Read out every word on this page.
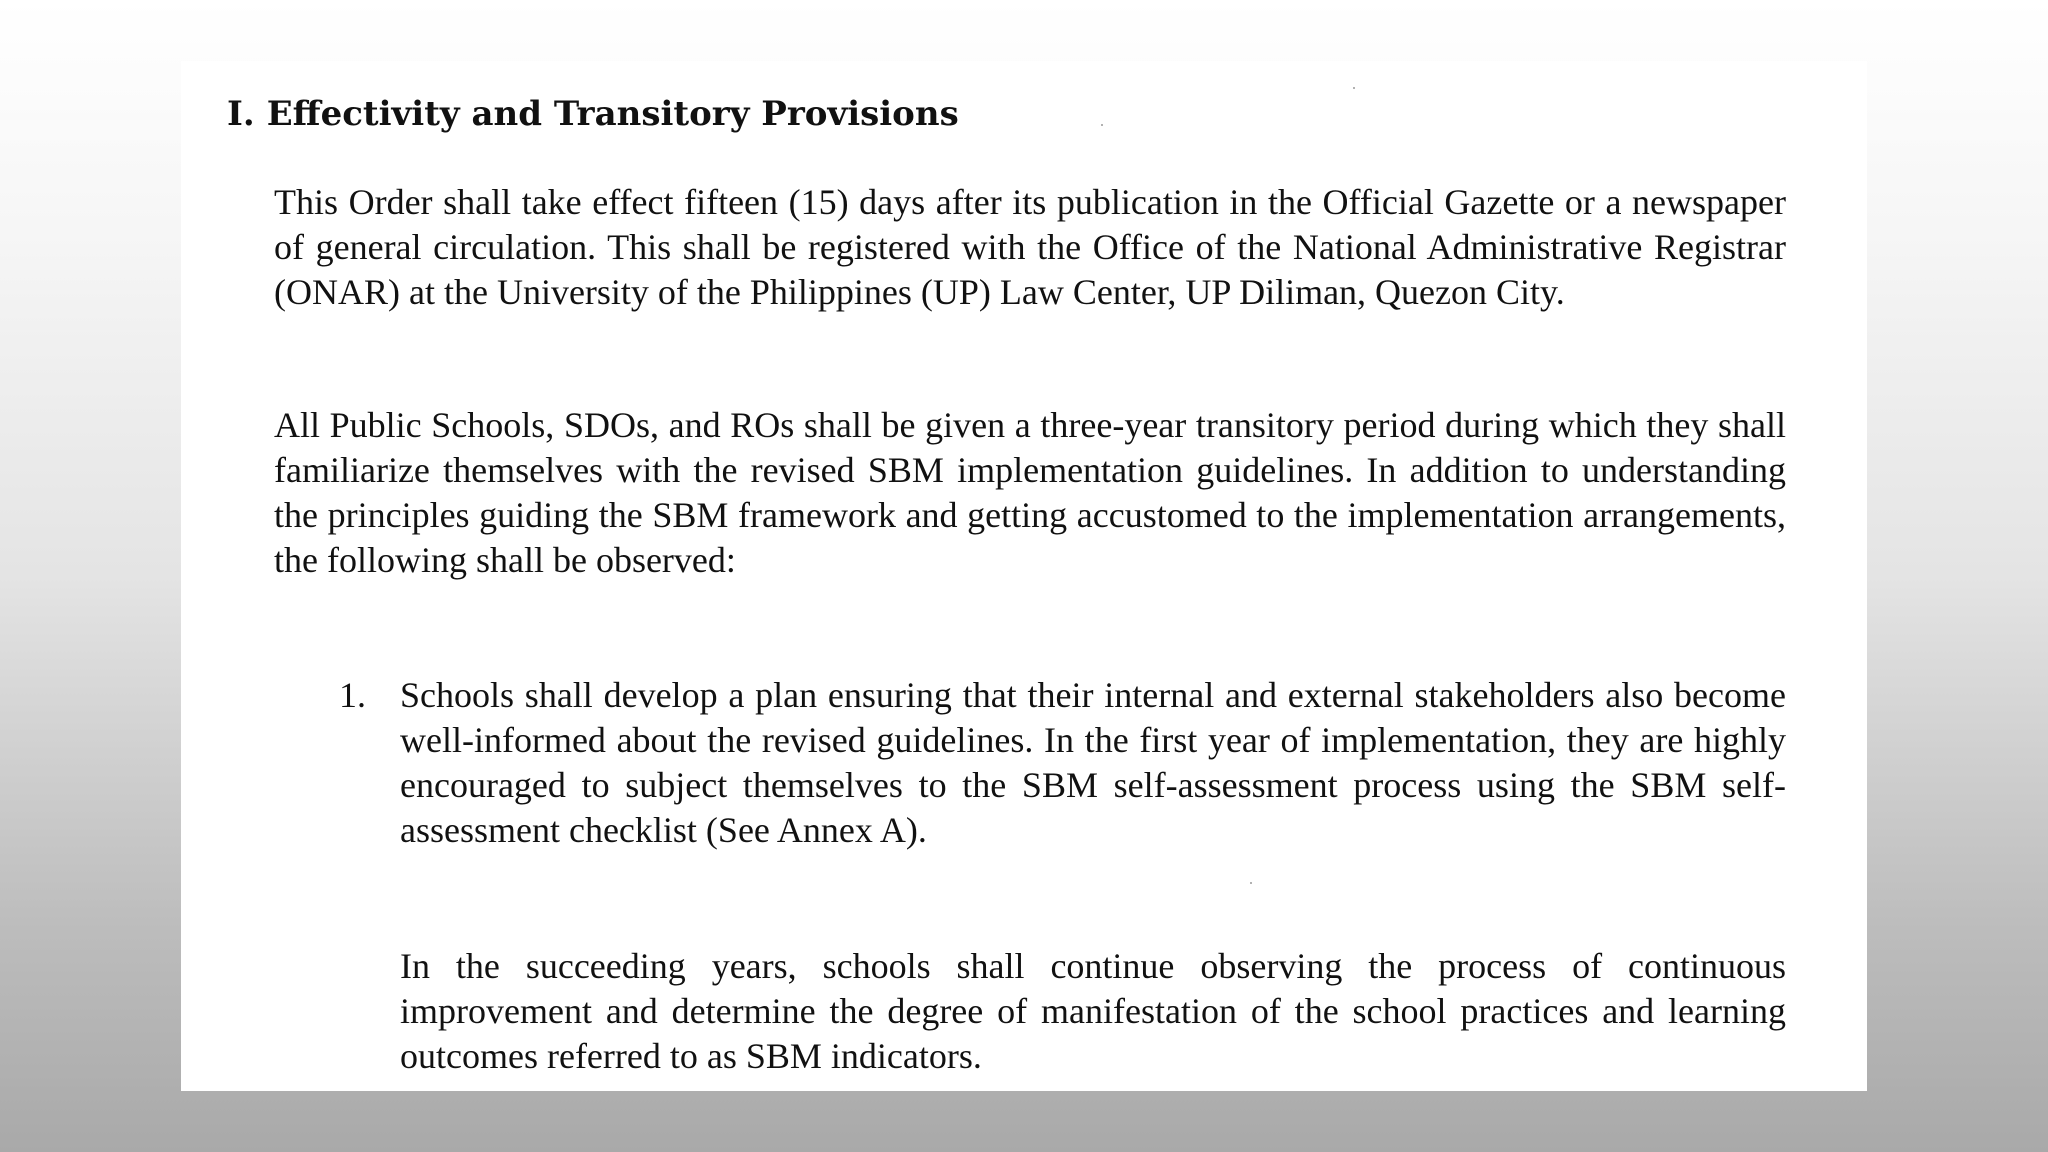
I. Effectivity and Transitory Provisions

This Order shall take effect fifteen (15) days after its publication in the Official Gazette or a newspaper of general circulation. This shall be registered with the Office of the National Administrative Registrar (ONAR) at the University of the Philippines (UP) Law Center, UP Diliman, Quezon City.

All Public Schools, SDOs, and ROs shall be given a three-year transitory period during which they shall familiarize themselves with the revised SBM implementation guidelines. In addition to understanding the principles guiding the SBM framework and getting accustomed to the implementation arrangements, the following shall be observed:

1. Schools shall develop a plan ensuring that their internal and external stakeholders also become well-informed about the revised guidelines. In the first year of implementation, they are highly encouraged to subject themselves to the SBM self-assessment process using the SBM self-assessment checklist (See Annex A).

In the succeeding years, schools shall continue observing the process of continuous improvement and determine the degree of manifestation of the school practices and learning outcomes referred to as SBM indicators.
